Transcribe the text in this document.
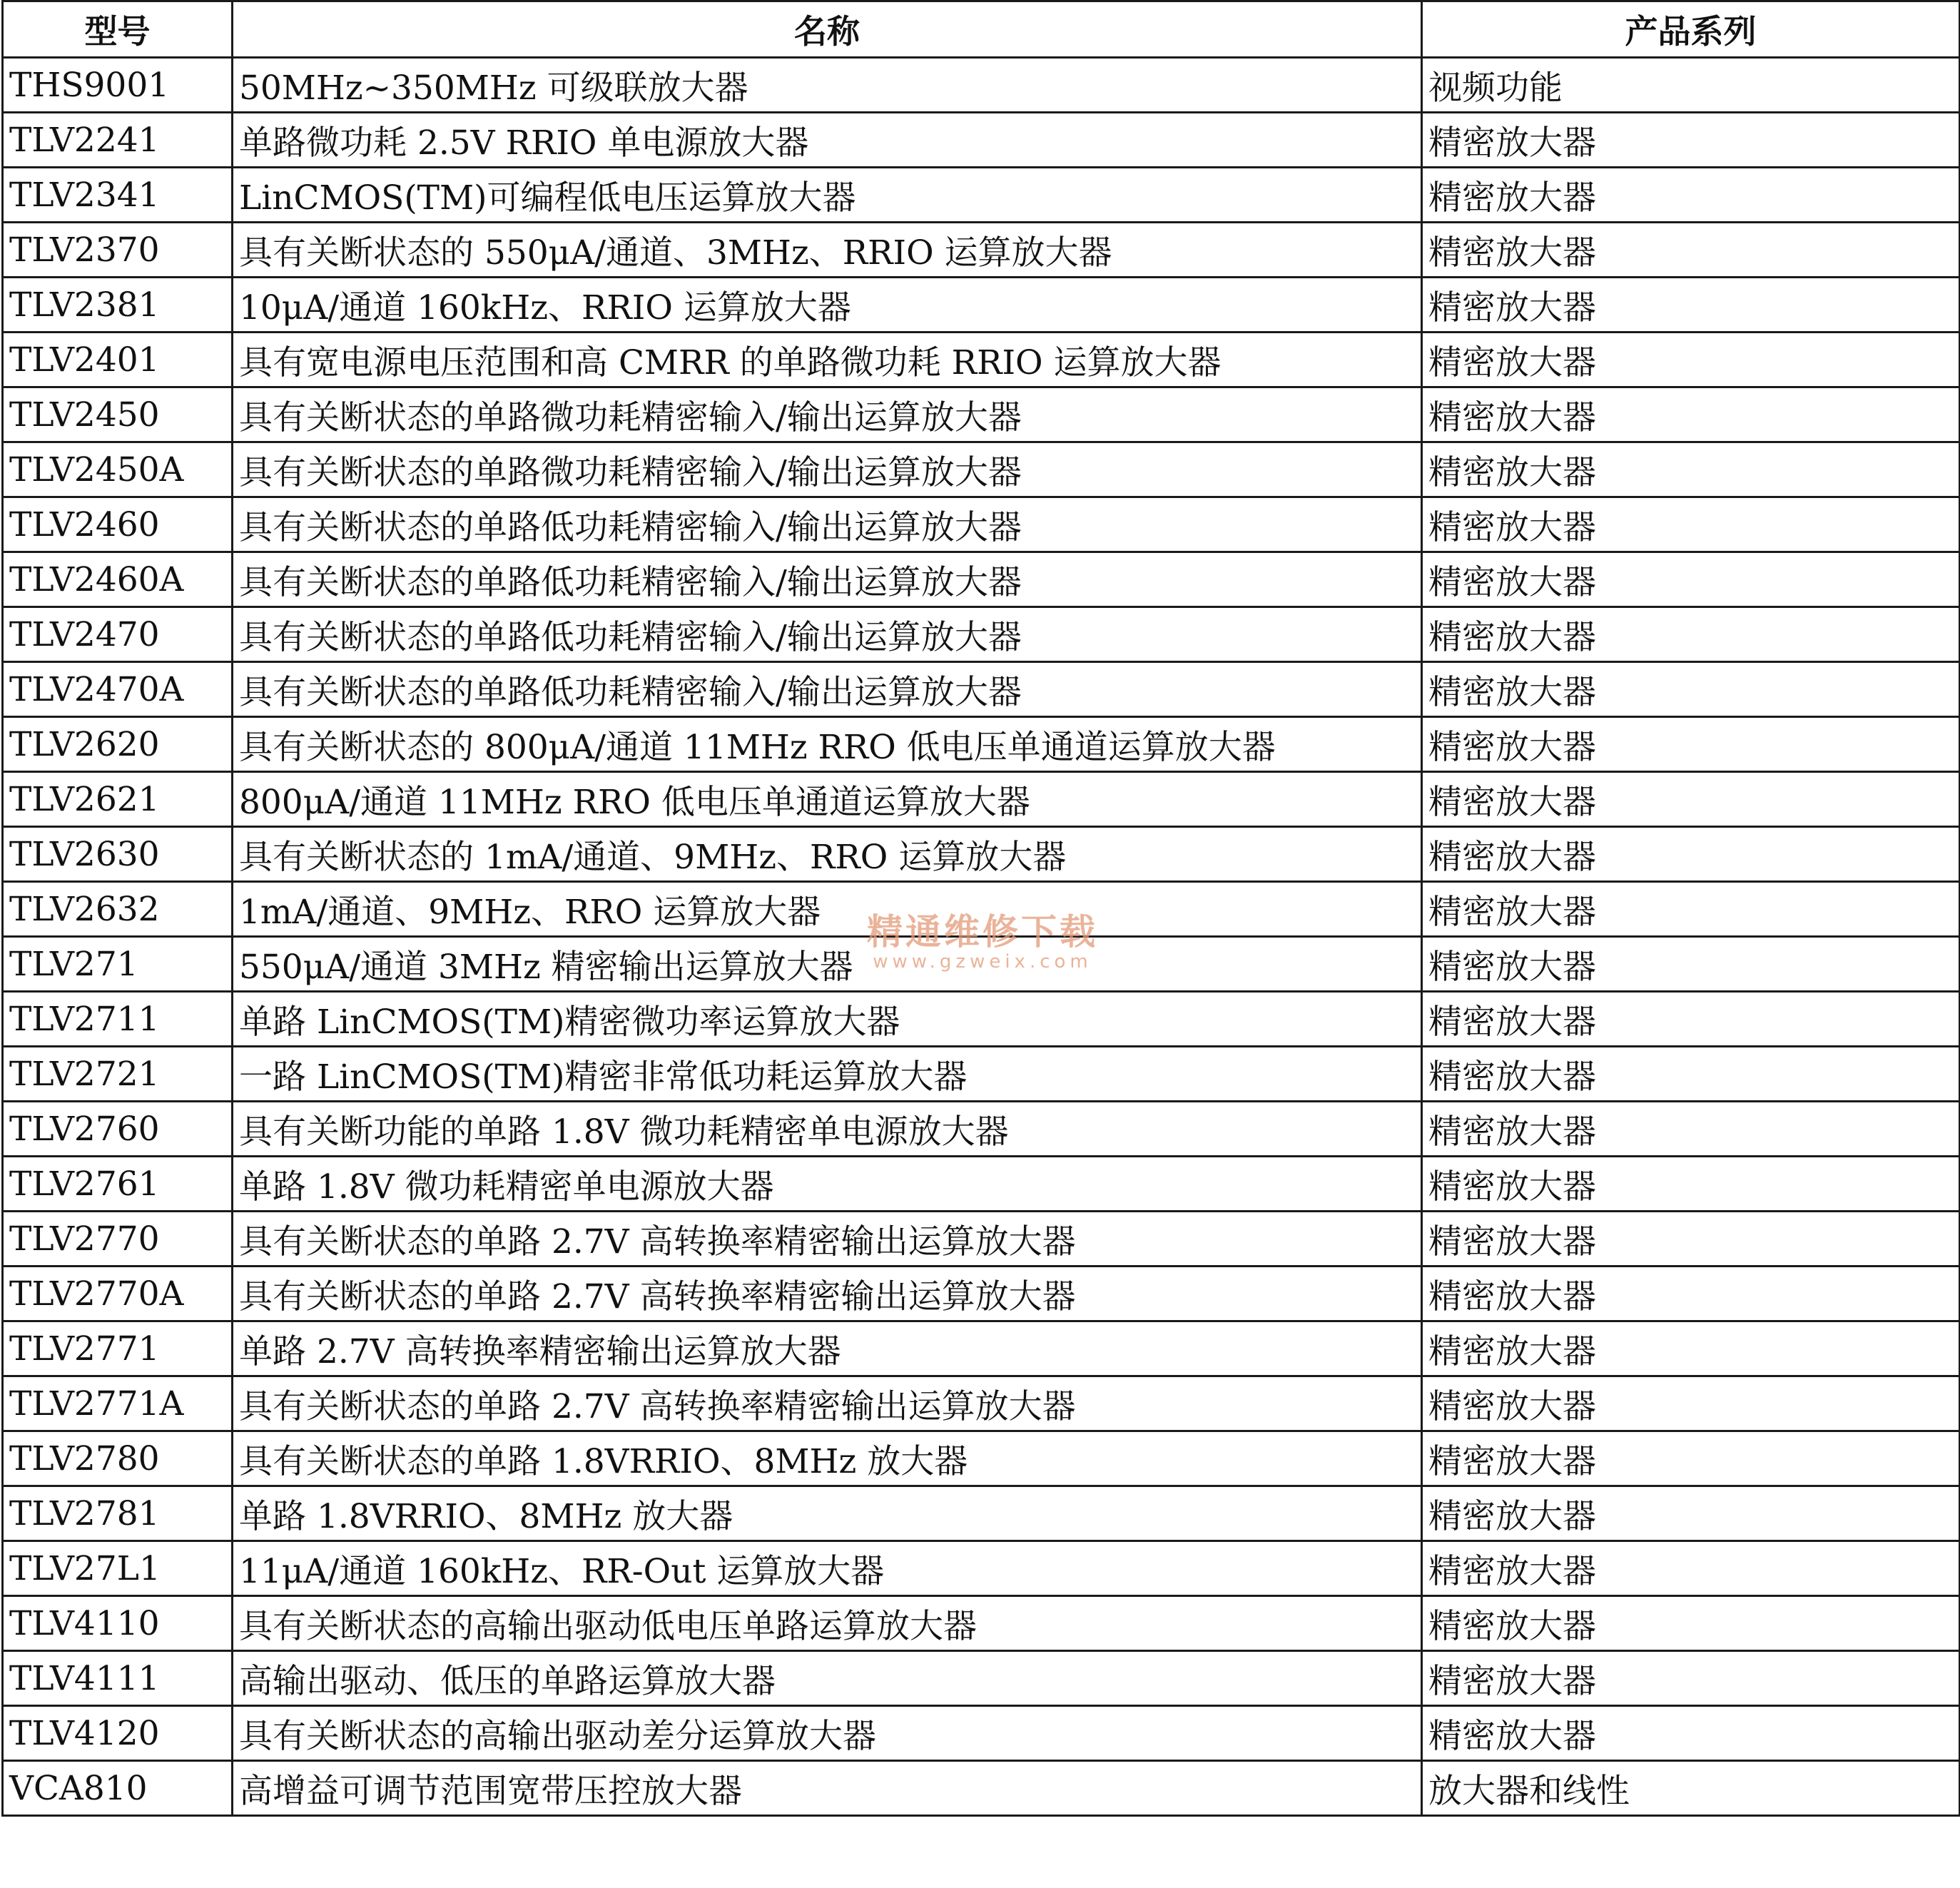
型号	名称	产品系列
THS9001	50MHz~350MHz 可级联放大器	视频功能
TLV2241	单路微功耗 2.5V RRIO 单电源放大器	精密放大器
TLV2341	LinCMOS(TM)可编程低电压运算放大器	精密放大器
TLV2370	具有关断状态的 550μA/通道、3MHz、RRIO 运算放大器	精密放大器
TLV2381	10μA/通道 160kHz、RRIO 运算放大器	精密放大器
TLV2401	具有宽电源电压范围和高 CMRR 的单路微功耗 RRIO 运算放大器	精密放大器
TLV2450	具有关断状态的单路微功耗精密输入/输出运算放大器	精密放大器
TLV2450A	具有关断状态的单路微功耗精密输入/输出运算放大器	精密放大器
TLV2460	具有关断状态的单路低功耗精密输入/输出运算放大器	精密放大器
TLV2460A	具有关断状态的单路低功耗精密输入/输出运算放大器	精密放大器
TLV2470	具有关断状态的单路低功耗精密输入/输出运算放大器	精密放大器
TLV2470A	具有关断状态的单路低功耗精密输入/输出运算放大器	精密放大器
TLV2620	具有关断状态的 800μA/通道 11MHz RRO 低电压单通道运算放大器	精密放大器
TLV2621	800μA/通道 11MHz RRO 低电压单通道运算放大器	精密放大器
TLV2630	具有关断状态的 1mA/通道、9MHz、RRO 运算放大器	精密放大器
TLV2632	1mA/通道、9MHz、RRO 运算放大器	精密放大器
TLV271	550μA/通道 3MHz 精密输出运算放大器	精密放大器
TLV2711	单路 LinCMOS(TM)精密微功率运算放大器	精密放大器
TLV2721	一路 LinCMOS(TM)精密非常低功耗运算放大器	精密放大器
TLV2760	具有关断功能的单路 1.8V 微功耗精密单电源放大器	精密放大器
TLV2761	单路 1.8V 微功耗精密单电源放大器	精密放大器
TLV2770	具有关断状态的单路 2.7V 高转换率精密输出运算放大器	精密放大器
TLV2770A	具有关断状态的单路 2.7V 高转换率精密输出运算放大器	精密放大器
TLV2771	单路 2.7V 高转换率精密输出运算放大器	精密放大器
TLV2771A	具有关断状态的单路 2.7V 高转换率精密输出运算放大器	精密放大器
TLV2780	具有关断状态的单路 1.8VRRIO、8MHz 放大器	精密放大器
TLV2781	单路 1.8VRRIO、8MHz 放大器	精密放大器
TLV27L1	11μA/通道 160kHz、RR-Out 运算放大器	精密放大器
TLV4110	具有关断状态的高输出驱动低电压单路运算放大器	精密放大器
TLV4111	高输出驱动、低压的单路运算放大器	精密放大器
TLV4120	具有关断状态的高输出驱动差分运算放大器	精密放大器
VCA810	高增益可调节范围宽带压控放大器	放大器和线性
精通维修下载
www.gzweix.com
